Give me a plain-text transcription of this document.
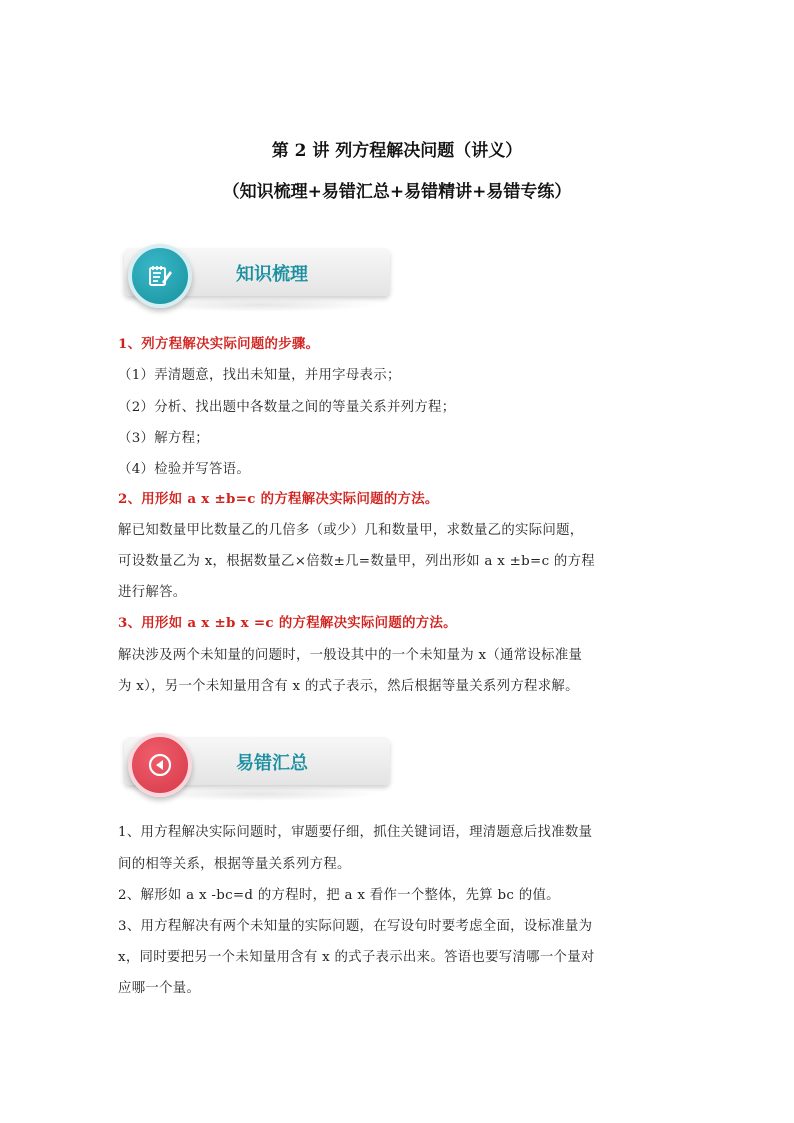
第 2 讲 列方程解决问题（讲义）
（知识梳理+易错汇总+易错精讲+易错专练）
知识梳理
1、列方程解决实际问题的步骤。
（1）弄清题意，找出未知量，并用字母表示；
（2）分析、找出题中各数量之间的等量关系并列方程；
（3）解方程；
（4）检验并写答语。
2、用形如 a x ±b=c 的方程解决实际问题的方法。
解已知数量甲比数量乙的几倍多（或少）几和数量甲，求数量乙的实际问题，
可设数量乙为 x，根据数量乙×倍数±几=数量甲，列出形如 a x ±b=c 的方程
进行解答。
3、用形如 a x ±b x =c 的方程解决实际问题的方法。
解决涉及两个未知量的问题时，一般设其中的一个未知量为 x（通常设标准量
为 x），另一个未知量用含有 x 的式子表示，然后根据等量关系列方程求解。
易错汇总
1、用方程解决实际问题时，审题要仔细，抓住关键词语，理清题意后找准数量
间的相等关系，根据等量关系列方程。
2、解形如 a x -bc=d 的方程时，把 a x 看作一个整体，先算 bc 的值。
3、用方程解决有两个未知量的实际问题，在写设句时要考虑全面，设标准量为
x，同时要把另一个未知量用含有 x 的式子表示出来。答语也要写清哪一个量对
应哪一个量。
